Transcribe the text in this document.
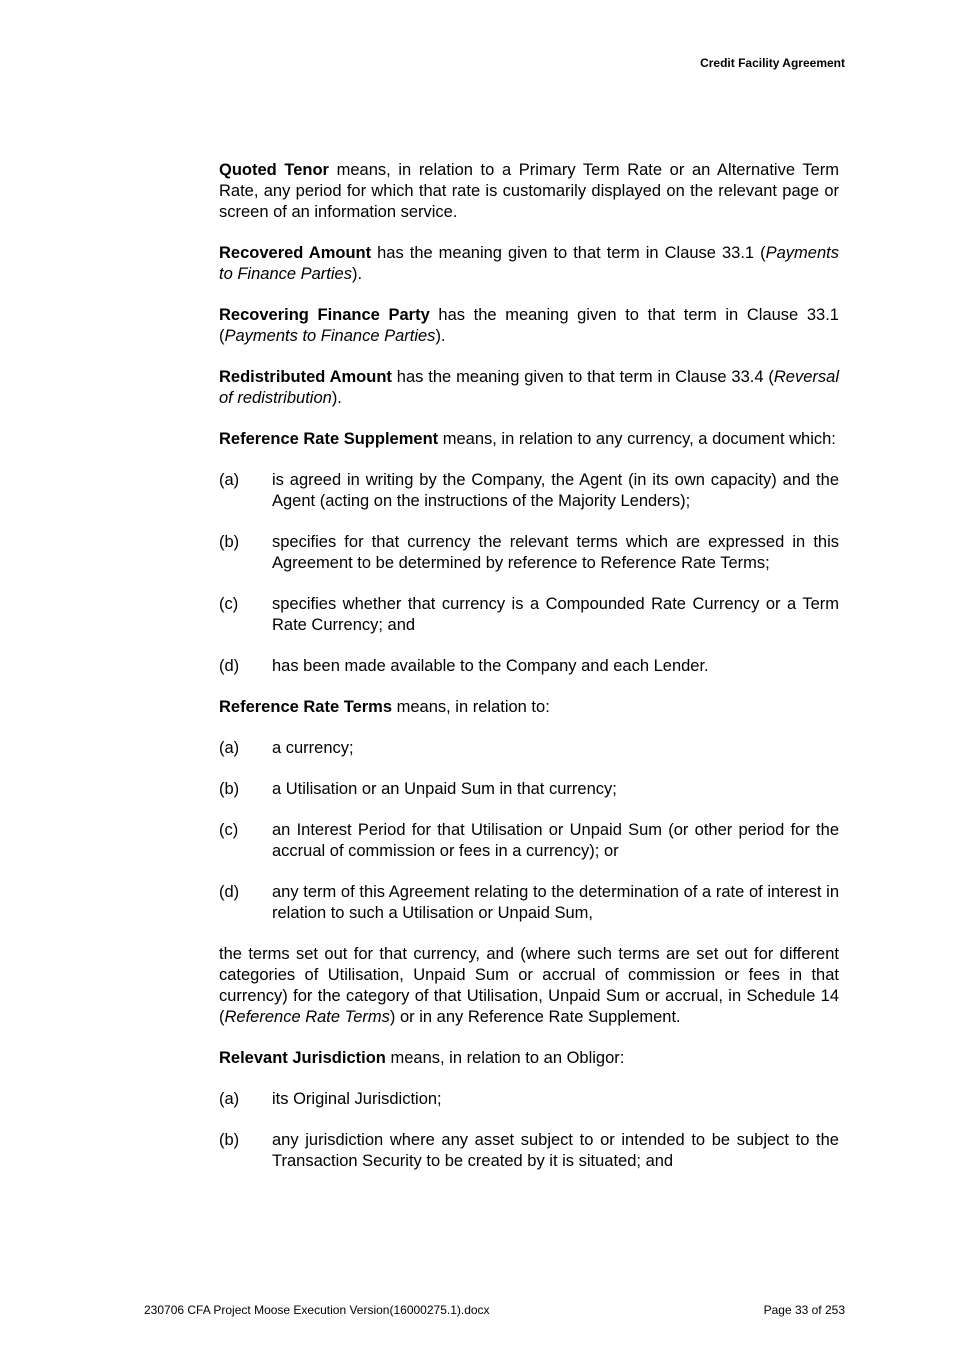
Credit Facility Agreement

Quoted Tenor means, in relation to a Primary Term Rate or an Alternative Term Rate, any period for which that rate is customarily displayed on the relevant page or screen of an information service.

Recovered Amount has the meaning given to that term in Clause 33.1 (Payments to Finance Parties).

Recovering Finance Party has the meaning given to that term in Clause 33.1 (Payments to Finance Parties).

Redistributed Amount has the meaning given to that term in Clause 33.4 (Reversal of redistribution).

Reference Rate Supplement means, in relation to any currency, a document which:

(a)	is agreed in writing by the Company, the Agent (in its own capacity) and the Agent (acting on the instructions of the Majority Lenders);
(b)	specifies for that currency the relevant terms which are expressed in this Agreement to be determined by reference to Reference Rate Terms;
(c)	specifies whether that currency is a Compounded Rate Currency or a Term Rate Currency; and
(d)	has been made available to the Company and each Lender.

Reference Rate Terms means, in relation to:

(a)	a currency;
(b)	a Utilisation or an Unpaid Sum in that currency;
(c)	an Interest Period for that Utilisation or Unpaid Sum (or other period for the accrual of commission or fees in a currency); or
(d)	any term of this Agreement relating to the determination of a rate of interest in relation to such a Utilisation or Unpaid Sum,

the terms set out for that currency, and (where such terms are set out for different categories of Utilisation, Unpaid Sum or accrual of commission or fees in that currency) for the category of that Utilisation, Unpaid Sum or accrual, in Schedule 14 (Reference Rate Terms) or in any Reference Rate Supplement.

Relevant Jurisdiction means, in relation to an Obligor:

(a)	its Original Jurisdiction;
(b)	any jurisdiction where any asset subject to or intended to be subject to the Transaction Security to be created by it is situated; and
230706 CFA Project Moose Execution Version(16000275.1).docx	Page 33 of 253
